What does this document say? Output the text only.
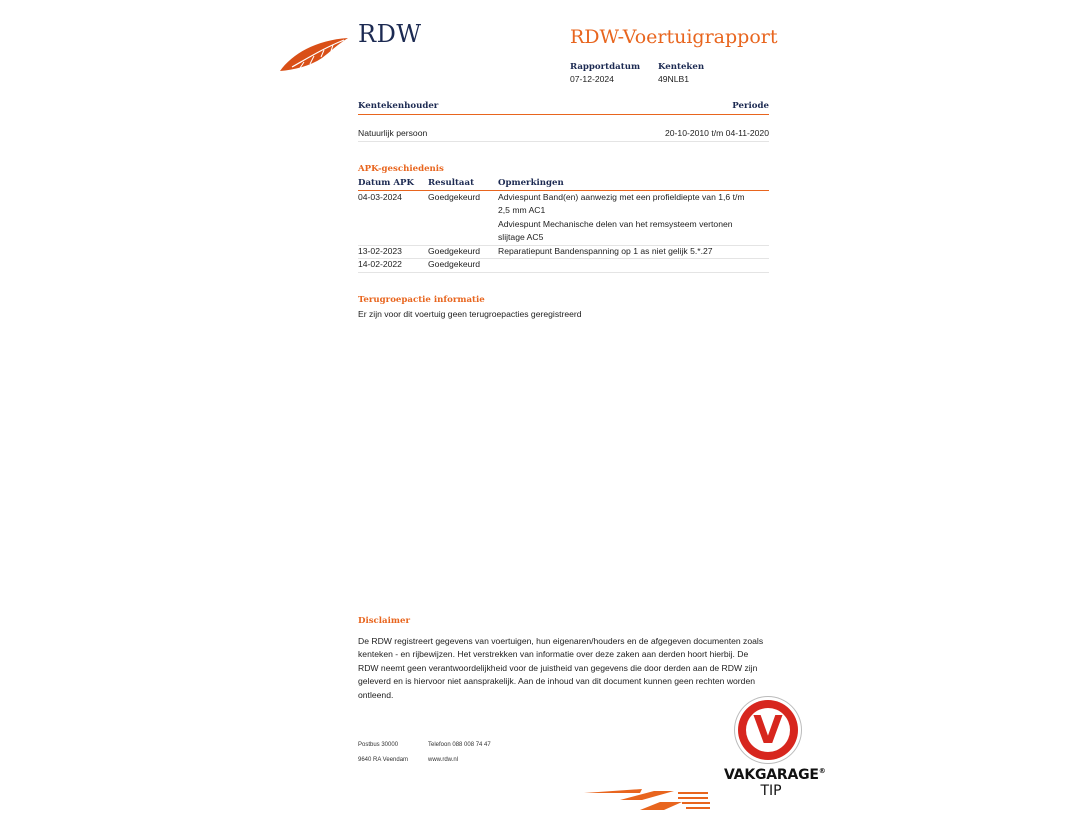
RDW	RDW-Voertuigrapport
Rapportdatum
07-12-2024
Kenteken
49NLB1
Kentekenhouder	Periode
Natuurlijk persoon	20-10-2010 t/m 04-11-2020
APK-geschiedenis
Datum APK Resultaat	Opmerkingen
04-03-2024	Goedgekeurd	Adviespunt Band(en) aanwezig met een profieldiepte van 1,6 t/m 2,5 mm AC1
Adviespunt Mechanische delen van het remsysteem vertonen slijtage AC5
13-02-2023	Goedgekeurd	Reparatiepunt Bandenspanning op 1 as niet gelijk 5.*.27
14-02-2022	Goedgekeurd
Terugroepactie informatie
Er zijn voor dit voertuig geen terugroepacties geregistreerd
Disclaimer
De RDW registreert gegevens van voertuigen, hun eigenaren/houders en de afgegeven documenten zoals kenteken - en rijbewijzen. Het verstrekken van informatie over deze zaken aan derden hoort hierbij. De RDW neemt geen verantwoordelijkheid voor de juistheid van gegevens die door derden aan de RDW zijn geleverd en is hiervoor niet aansprakelijk. Aan de inhoud van dit document kunnen geen rechten worden ontleend.
Postbus 30000
9640 RA Veendam
Telefoon 088 008 74 47
www.rdw.nl
V
VAKGARAGE®
TIP
